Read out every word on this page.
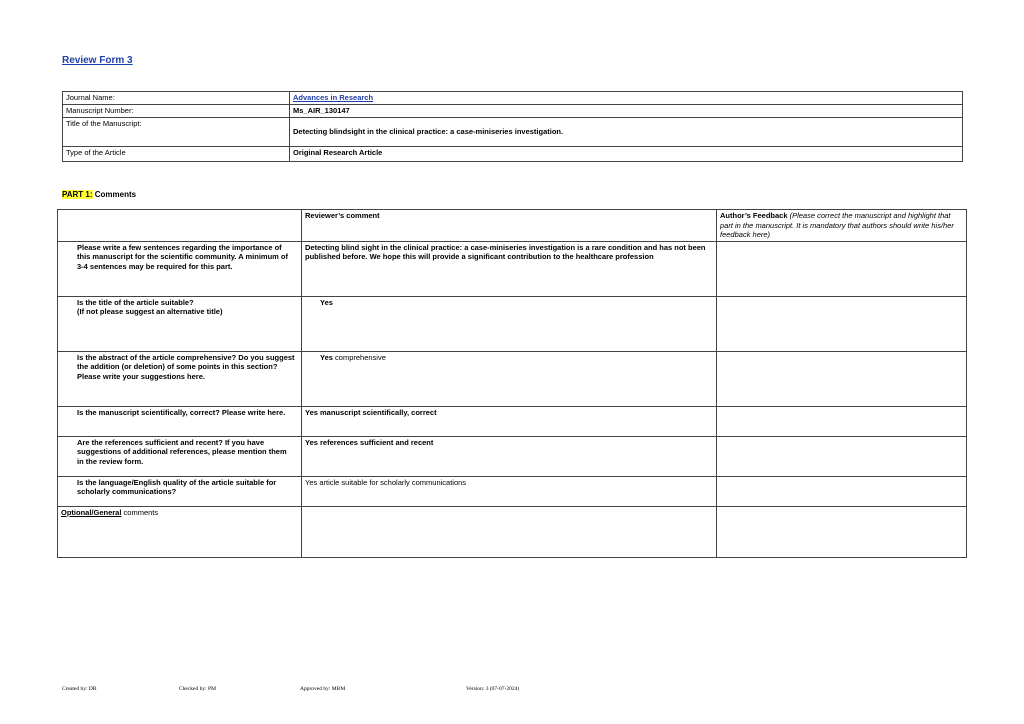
Review Form 3
Journal Name:	Advances in Research
Manuscript Number:	Ms_AIR_130147
Title of the Manuscript:	Detecting blindsight in the clinical practice: a case-miniseries investigation.
Type of the Article	Original Research Article
PART 1: Comments
	Reviewer’s comment	Author’s Feedback (Please correct the manuscript and highlight that part in the manuscript. It is mandatory that authors should write his/her feedback here)
Please write a few sentences regarding the importance of this manuscript for the scientific community. A minimum of 3-4 sentences may be required for this part.	Detecting blind sight in the clinical practice: a case-miniseries investigation is a rare condition and has not been published before. We hope this will provide a significant contribution to the healthcare profession	
Is the title of the article suitable?
(If not please suggest an alternative title)	Yes	
Is the abstract of the article comprehensive? Do you suggest the addition (or deletion) of some points in this section? Please write your suggestions here.	Yes comprehensive	
Is the manuscript scientifically, correct? Please write here.	Yes manuscript scientifically, correct	
Are the references sufficient and recent? If you have suggestions of additional references, please mention them in the review form.	Yes references sufficient and recent	
Is the language/English quality of the article suitable for scholarly communications?	Yes article suitable for scholarly communications	
Optional/General comments		
Created by: DR	Checked by: PM	Approved by: MBM	Version: 3 (07-07-2024)
